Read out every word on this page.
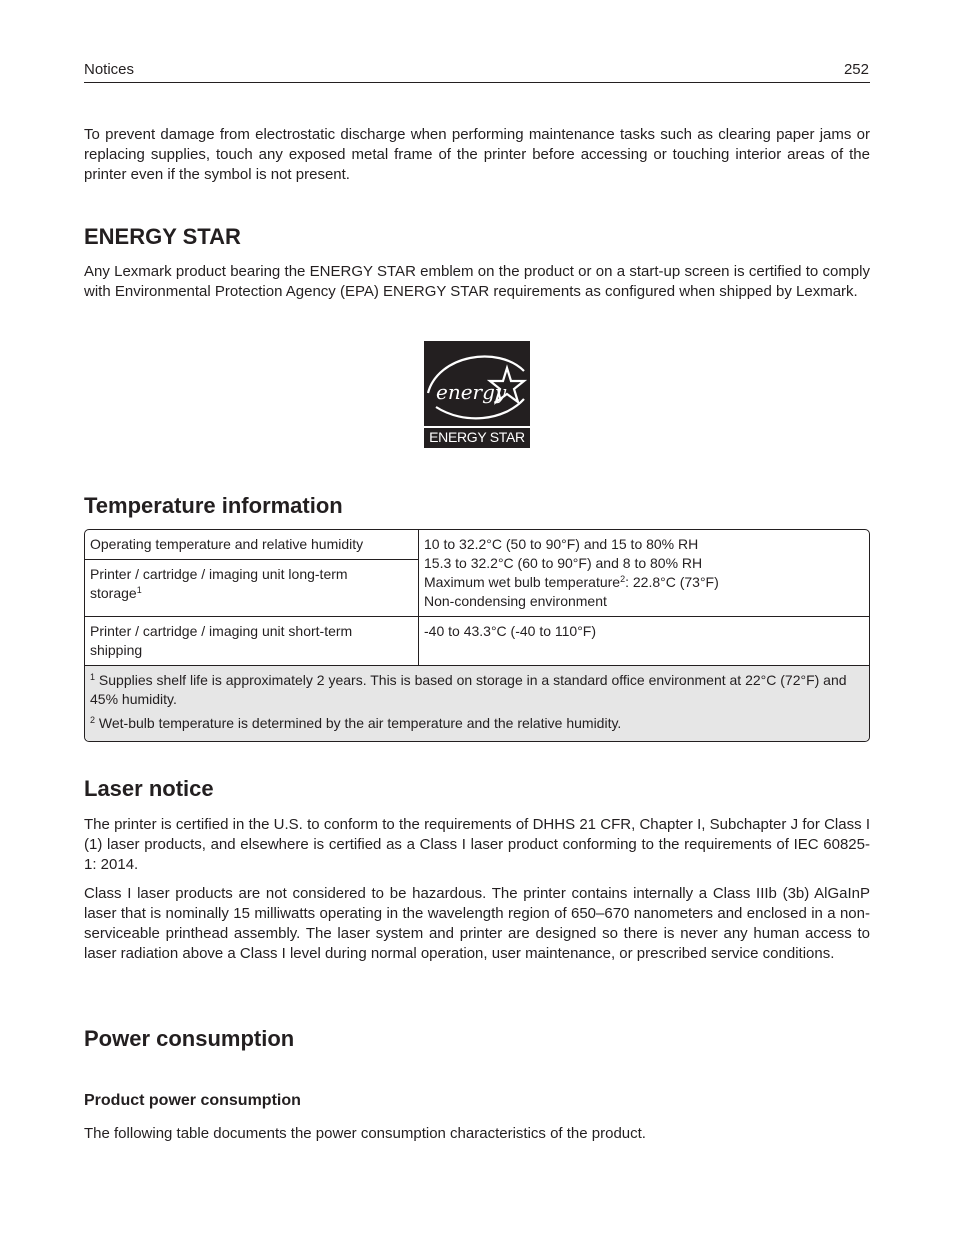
Notices	252

To prevent damage from electrostatic discharge when performing maintenance tasks such as clearing paper jams or replacing supplies, touch any exposed metal frame of the printer before accessing or touching interior areas of the printer even if the symbol is not present.

ENERGY STAR

Any Lexmark product bearing the ENERGY STAR emblem on the product or on a start-up screen is certified to comply with Environmental Protection Agency (EPA) ENERGY STAR requirements as configured when shipped by Lexmark.

energy
ENERGY STAR
Temperature information
Operating temperature and relative humidity	10 to 32.2°C (50 to 90°F) and 15 to 80% RH
15.3 to 32.2°C (60 to 90°F) and 8 to 80% RH
Maximum wet bulb temperature$^2$: 22.8°C (73°F)
Non-condensing environment

Printer / cartridge / imaging unit long-term storage$^1$
Printer / cartridge / imaging unit short-term shipping	-40 to 43.3°C (-40 to 110°F)

$^1$ Supplies shelf life is approximately 2 years. This is based on storage in a standard office environment at 22°C (72°F) and 45% humidity.

$^2$ Wet-bulb temperature is determined by the air temperature and the relative humidity.	

Laser notice

The printer is certified in the U.S. to conform to the requirements of DHHS 21 CFR, Chapter I, Subchapter J for Class I (1) laser products, and elsewhere is certified as a Class I laser product conforming to the requirements of IEC 60825-1: 2014.

Class I laser products are not considered to be hazardous. The printer contains internally a Class IIIb (3b) AlGaInP laser that is nominally 15 milliwatts operating in the wavelength region of 650–670 nanometers and enclosed in a non-serviceable printhead assembly. The laser system and printer are designed so there is never any human access to laser radiation above a Class I level during normal operation, user maintenance, or prescribed service conditions.

Power consumption
Product power consumption

The following table documents the power consumption characteristics of the product.
